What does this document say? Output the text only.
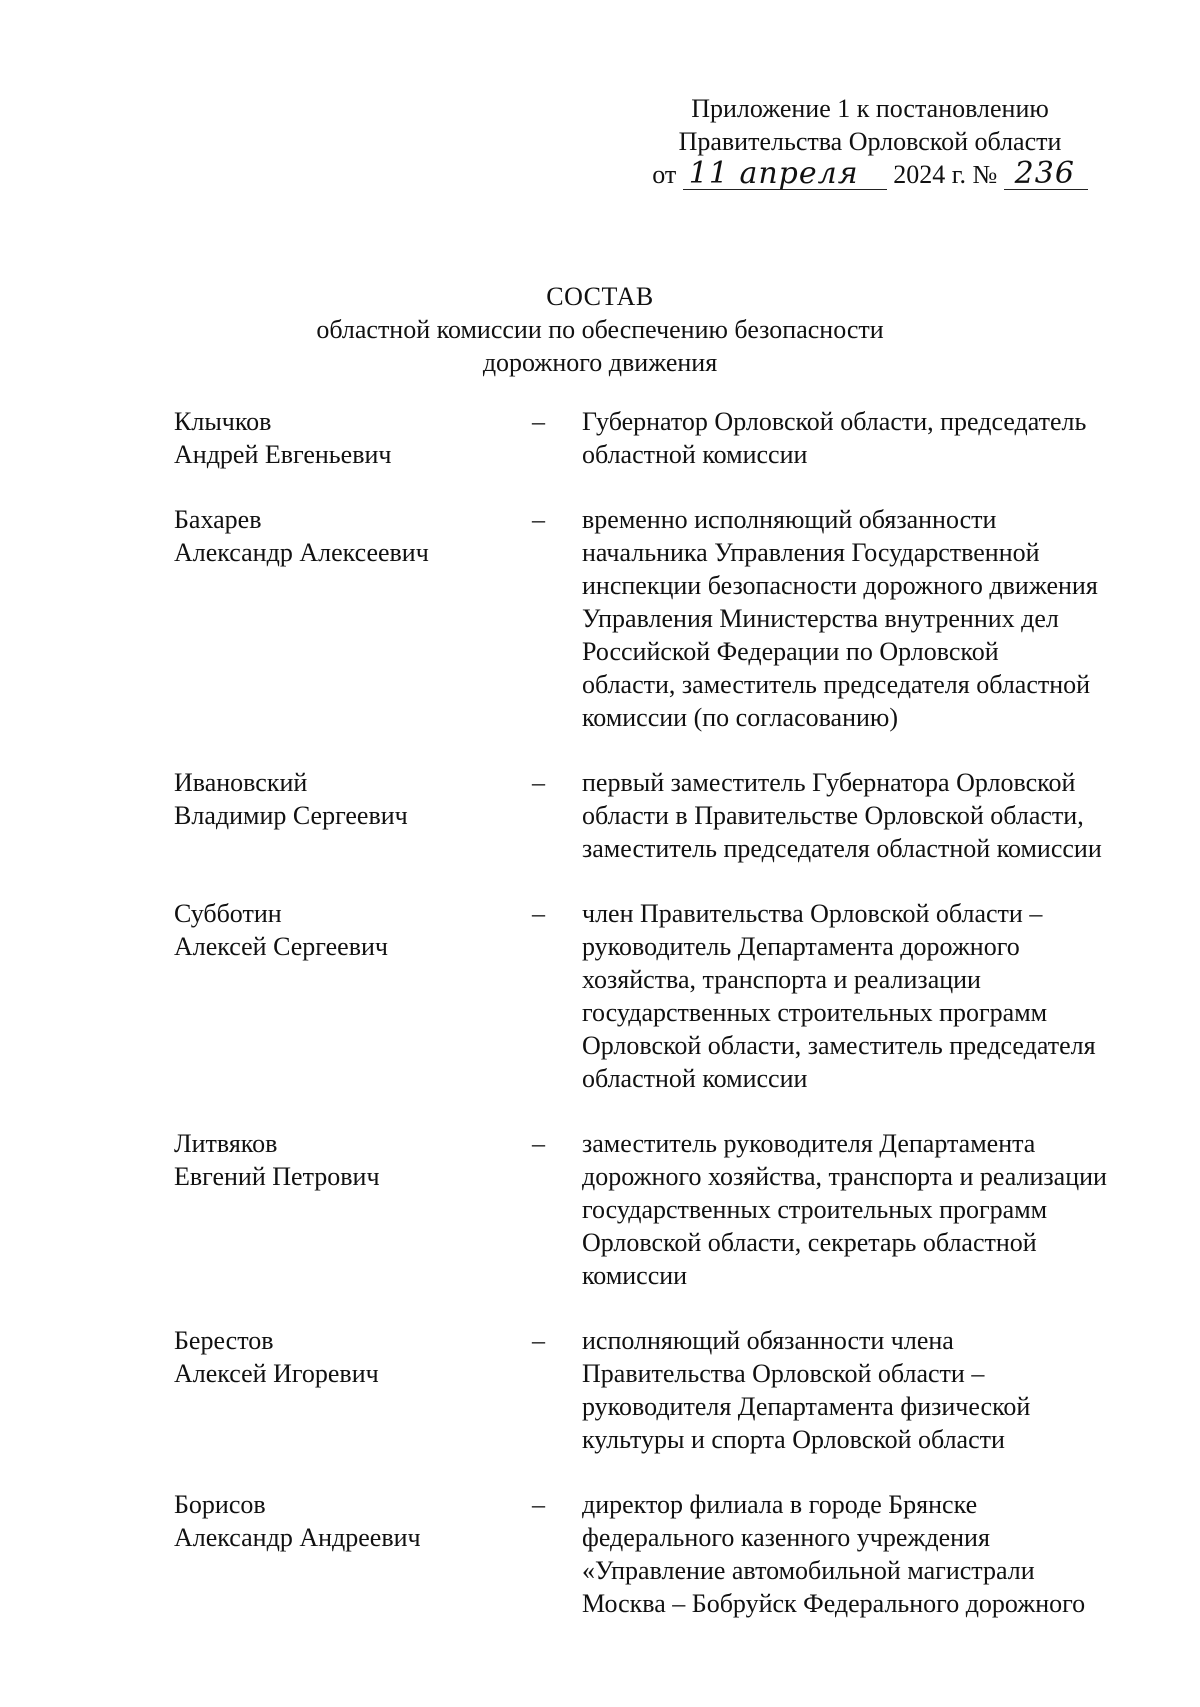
Приложение 1 к постановлению
Правительства Орловской области
от 11 апреля 2024 г. № 236
СОСТАВ
областной комиссии по обеспечению безопасности
дорожного движения
Клычков
Андрей Евгеньевич
– Губернатор Орловской области, председатель
областной комиссии
Бахарев
Александр Алексеевич
– временно исполняющий обязанности
начальника Управления Государственной
инспекции безопасности дорожного движения
Управления Министерства внутренних дел
Российской Федерации по Орловской
области, заместитель председателя областной
комиссии (по согласованию)
Ивановский
Владимир Сергеевич
– первый заместитель Губернатора Орловской
области в Правительстве Орловской области,
заместитель председателя областной комиссии
Субботин
Алексей Сергеевич
– член Правительства Орловской области –
руководитель Департамента дорожного
хозяйства, транспорта и реализации
государственных строительных программ
Орловской области, заместитель председателя
областной комиссии
Литвяков
Евгений Петрович
– заместитель руководителя Департамента
дорожного хозяйства, транспорта и реализации
государственных строительных программ
Орловской области, секретарь областной
комиссии
Берестов
Алексей Игоревич
– исполняющий обязанности члена
Правительства Орловской области –
руководителя Департамента физической
культуры и спорта Орловской области
Борисов
Александр Андреевич
– директор филиала в городе Брянске
федерального казенного учреждения
«Управление автомобильной магистрали
Москва – Бобруйск Федерального дорожного
